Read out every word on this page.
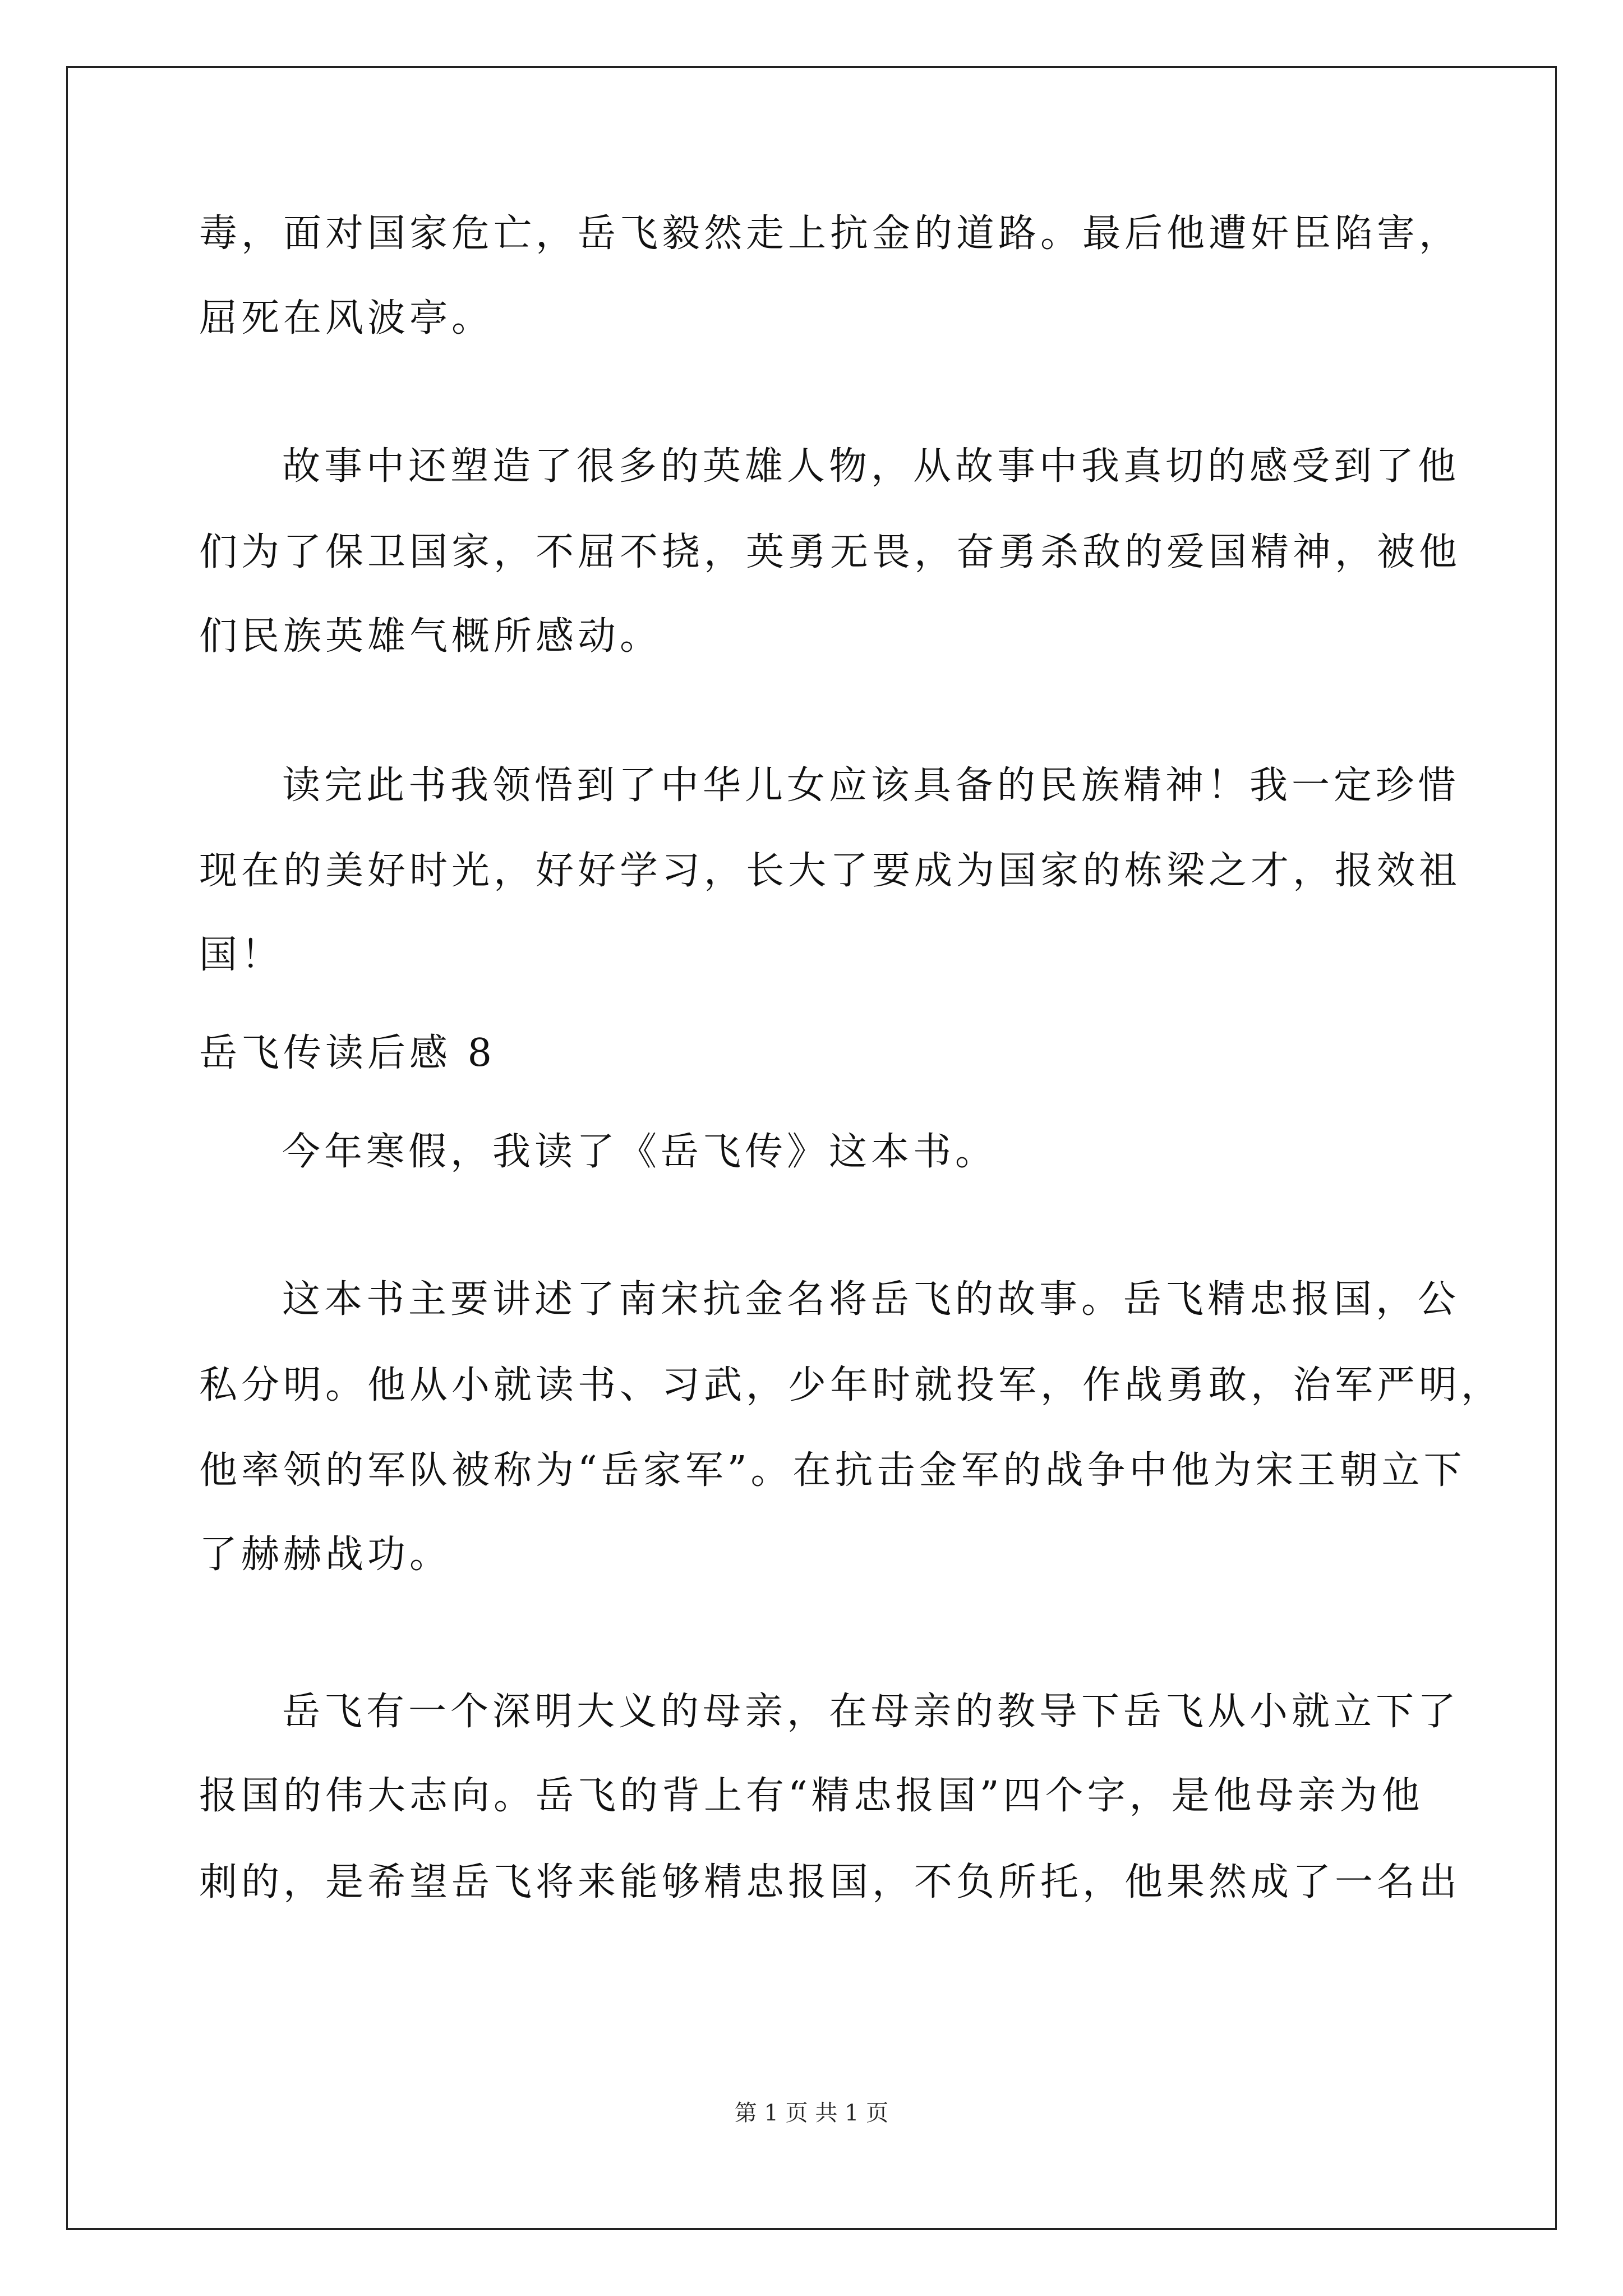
毒，面对国家危亡，岳飞毅然走上抗金的道路。最后他遭奸臣陷害，
屈死在风波亭。
故事中还塑造了很多的英雄人物，从故事中我真切的感受到了他
们为了保卫国家，不屈不挠，英勇无畏，奋勇杀敌的爱国精神，被他
们民族英雄气概所感动。
读完此书我领悟到了中华儿女应该具备的民族精神！我一定珍惜
现在的美好时光，好好学习，长大了要成为国家的栋梁之才，报效祖
国！
岳飞传读后感 8
今年寒假，我读了《岳飞传》这本书。
这本书主要讲述了南宋抗金名将岳飞的故事。岳飞精忠报国，公
私分明。他从小就读书、习武，少年时就投军，作战勇敢，治军严明，
他率领的军队被称为“岳家军”。在抗击金军的战争中他为宋王朝立下
了赫赫战功。
岳飞有一个深明大义的母亲，在母亲的教导下岳飞从小就立下了
报国的伟大志向。岳飞的背上有“精忠报国”四个字，是他母亲为他
刺的，是希望岳飞将来能够精忠报国，不负所托，他果然成了一名出
第 1 页 共 1 页
